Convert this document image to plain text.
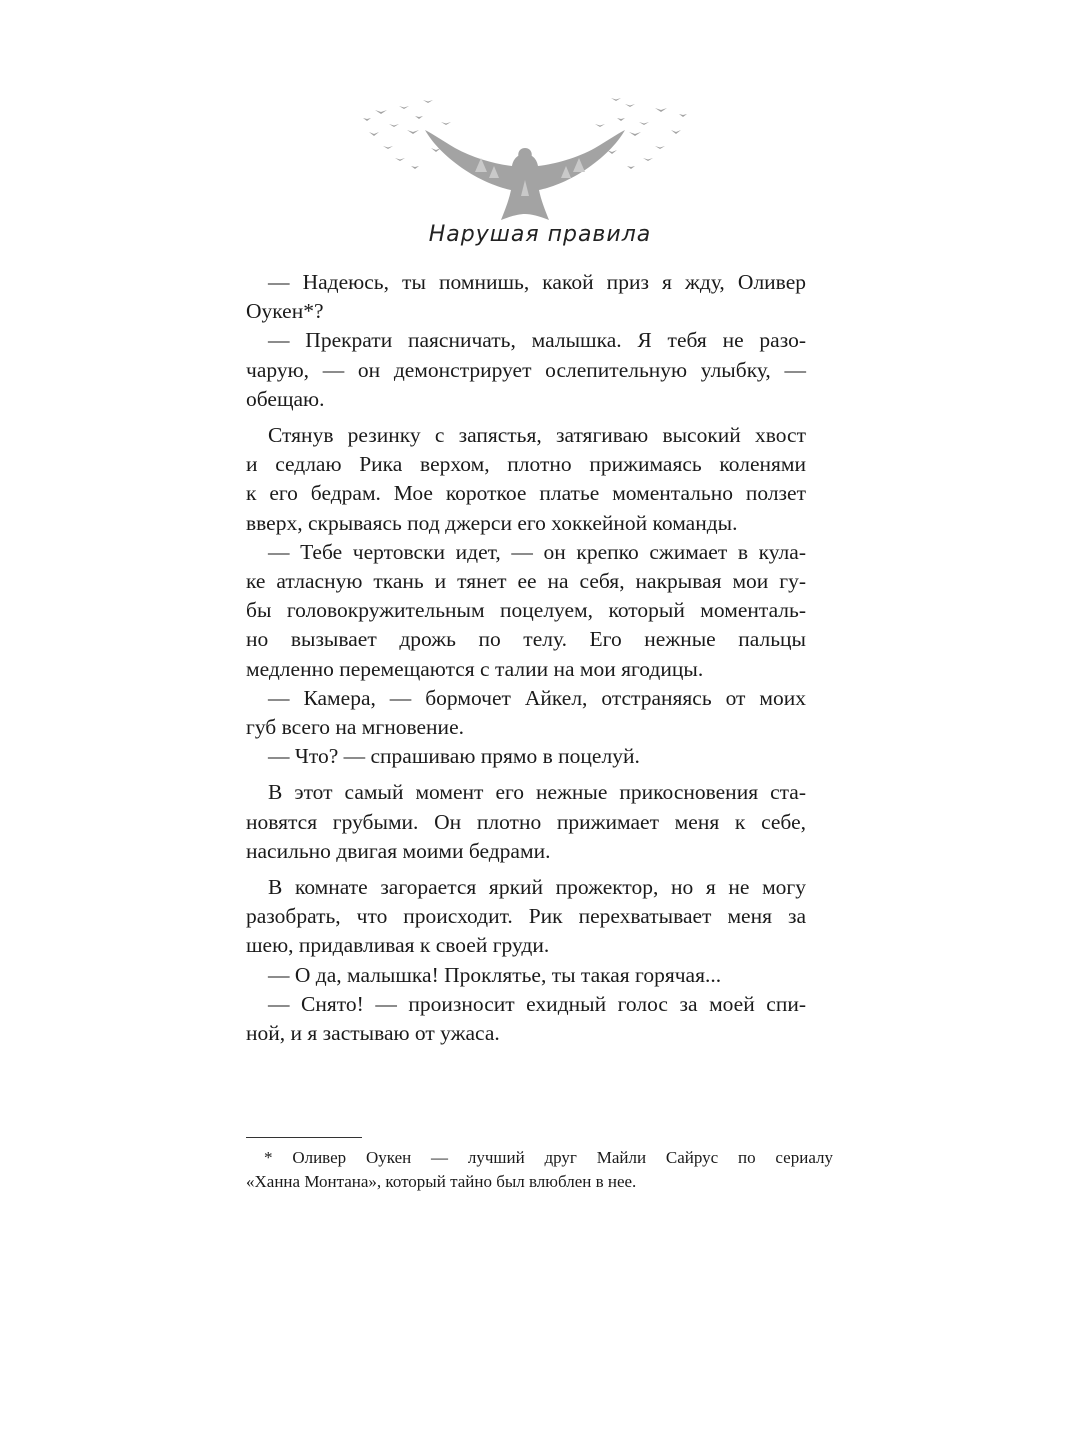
Нарушая правила

— Надеюсь, ты помнишь, какой приз я жду, Оливер
Оукен*?

— Прекрати паясничать, малышка. Я тебя не разо-
чарую, — он демонстрирует ослепительную улыбку, —
обещаю.

Стянув резинку с запястья, затягиваю высокий хвост
и седлаю Рика верхом, плотно прижимаясь коленями
к его бедрам. Мое короткое платье моментально ползет
вверх, скрываясь под джерси его хоккейной команды.

— Тебе чертовски идет, — он крепко сжимает в кула-
ке атласную ткань и тянет ее на себя, накрывая мои гу-
бы головокружительным поцелуем, который моменталь-
но вызывает дрожь по телу. Его нежные пальцы
медленно перемещаются с талии на мои ягодицы.

— Камера, — бормочет Айкел, отстраняясь от моих
губ всего на мгновение.

— Что? — спрашиваю прямо в поцелуй.

В этот самый момент его нежные прикосновения ста-
новятся грубыми. Он плотно прижимает меня к себе,
насильно двигая моими бедрами.

В комнате загорается яркий прожектор, но я не могу
разобрать, что происходит. Рик перехватывает меня за
шею, придавливая к своей груди.

— О да, малышка! Проклятье, ты такая горячая...

— Снято! — произносит ехидный голос за моей спи-
ной, и я застываю от ужаса.

* Оливер Оукен — лучший друг Майли Сайрус по сериалу
«Ханна Монтана», который тайно был влюблен в нее.
